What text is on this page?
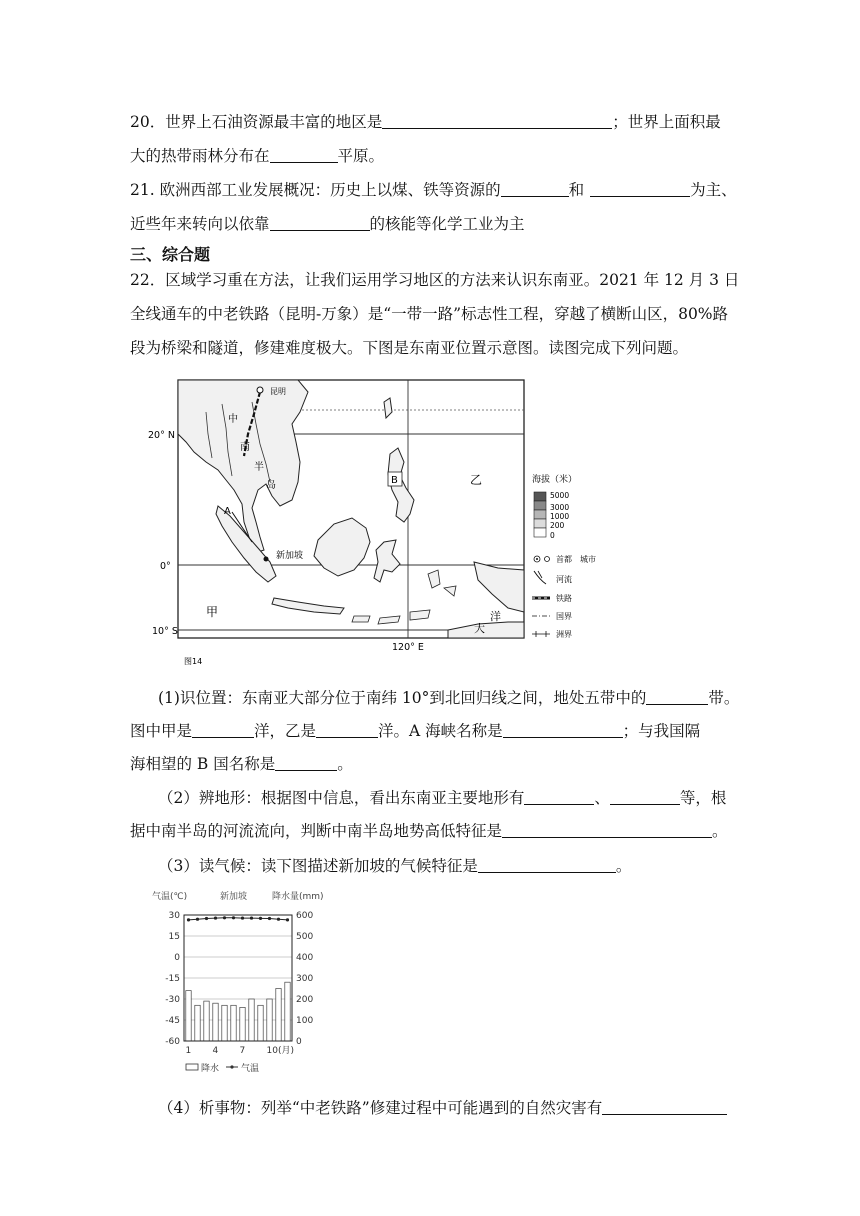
20．世界上石油资源最丰富的地区是	；世界上面积最
大的热带雨林分布在	平原。
21. 欧洲西部工业发展概况：历史上以煤、铁等资源的	和	为主、
近些年来转向以依靠	的核能等化学工业为主
三、综合题
22．区域学习重在方法，让我们运用学习地区的方法来认识东南亚。2021 年 12 月 3 日
全线通车的中老铁路（昆明-万象）是“一带一路”标志性工程，穿越了横断山区，80%路
段为桥梁和隧道，修建难度极大。下图是东南亚位置示意图。读图完成下列问题。
昆明
中
南
半
岛
新加坡
A
B	乙
甲	洋
大
20° N
0°
10° S
120° E
图14
海拔（米）
5000
3000
1000
200
0
首都　城市
河流
铁路
国界
洲界
(1)识位置：东南亚大部分位于南纬 10°到北回归线之间，地处五带中的	带。
图中甲是	洋，乙是	洋。A 海峡名称是	；与我国隔
海相望的 B 国名称是	。
（2）辨地形：根据图中信息，看出东南亚主要地形有	、	等，根
据中南半岛的河流流向，判断中南半岛地势高低特征是	。
（3）读气候：读下图描述新加坡的气候特征是	。
气温(℃)	新加坡	降水量(mm)
30	600
15	500
0	400
-15	300
-30	200
-45	100
-60	0
1 4 7 10(月)
降水 气温
（4）析事物：列举“中老铁路”修建过程中可能遇到的自然灾害有
